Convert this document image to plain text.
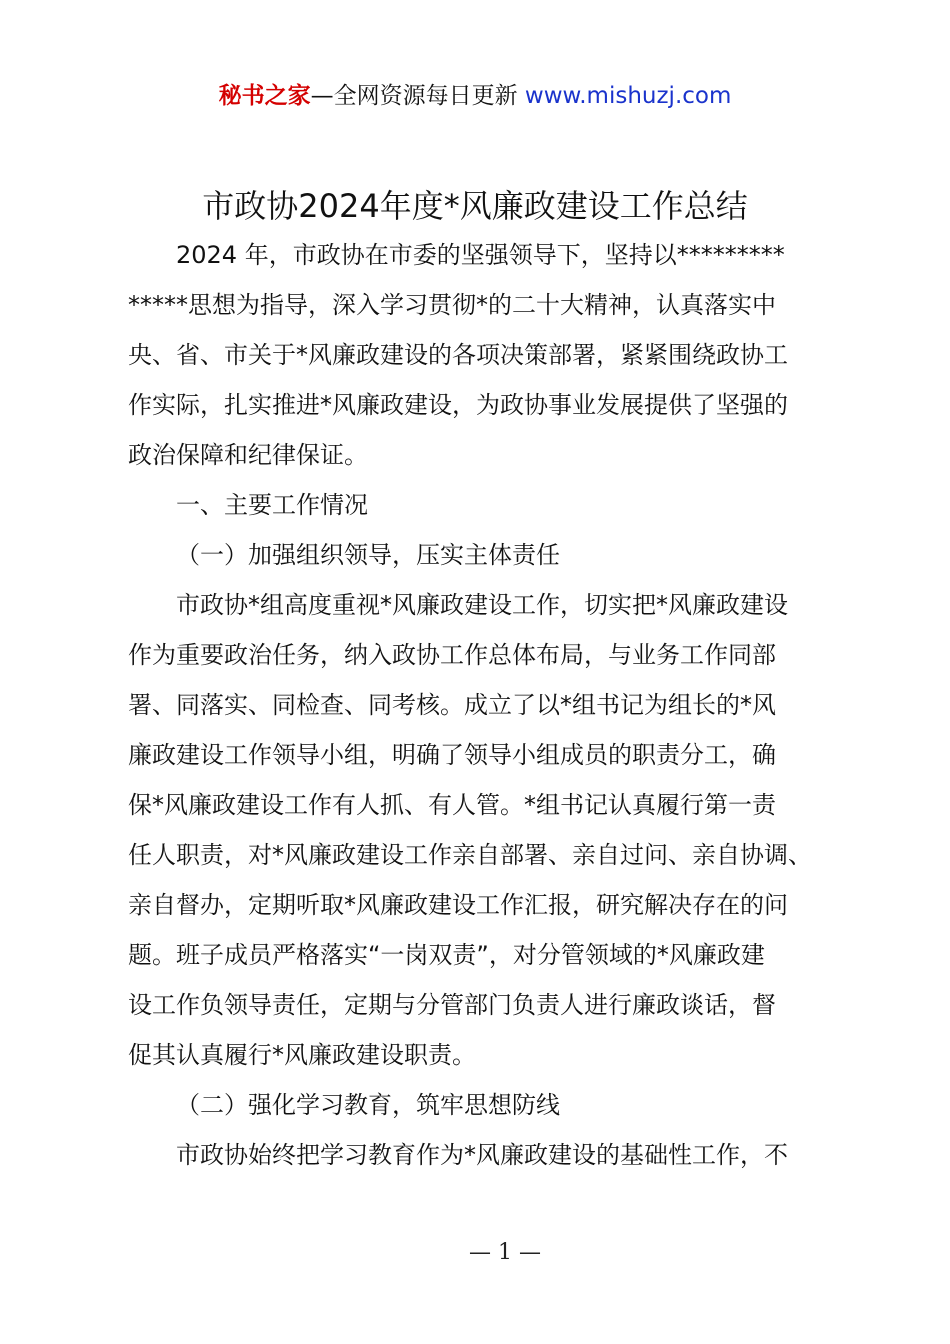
秘书之家—全网资源每日更新 www.mishuzj.com
市政协2024年度*风廉政建设工作总结
2024 年，市政协在市委的坚强领导下，坚持以*********
*****思想为指导，深入学习贯彻*的二十大精神，认真落实中
央、省、市关于*风廉政建设的各项决策部署，紧紧围绕政协工
作实际，扎实推进*风廉政建设，为政协事业发展提供了坚强的
政治保障和纪律保证。
一、主要工作情况
（一）加强组织领导，压实主体责任
市政协*组高度重视*风廉政建设工作，切实把*风廉政建设
作为重要政治任务，纳入政协工作总体布局，与业务工作同部
署、同落实、同检查、同考核。成立了以*组书记为组长的*风
廉政建设工作领导小组，明确了领导小组成员的职责分工，确
保*风廉政建设工作有人抓、有人管。*组书记认真履行第一责
任人职责，对*风廉政建设工作亲自部署、亲自过问、亲自协调、
亲自督办，定期听取*风廉政建设工作汇报，研究解决存在的问
题。班子成员严格落实“一岗双责”，对分管领域的*风廉政建
设工作负领导责任，定期与分管部门负责人进行廉政谈话，督
促其认真履行*风廉政建设职责。
（二）强化学习教育，筑牢思想防线
市政协始终把学习教育作为*风廉政建设的基础性工作，不
— 1 —
